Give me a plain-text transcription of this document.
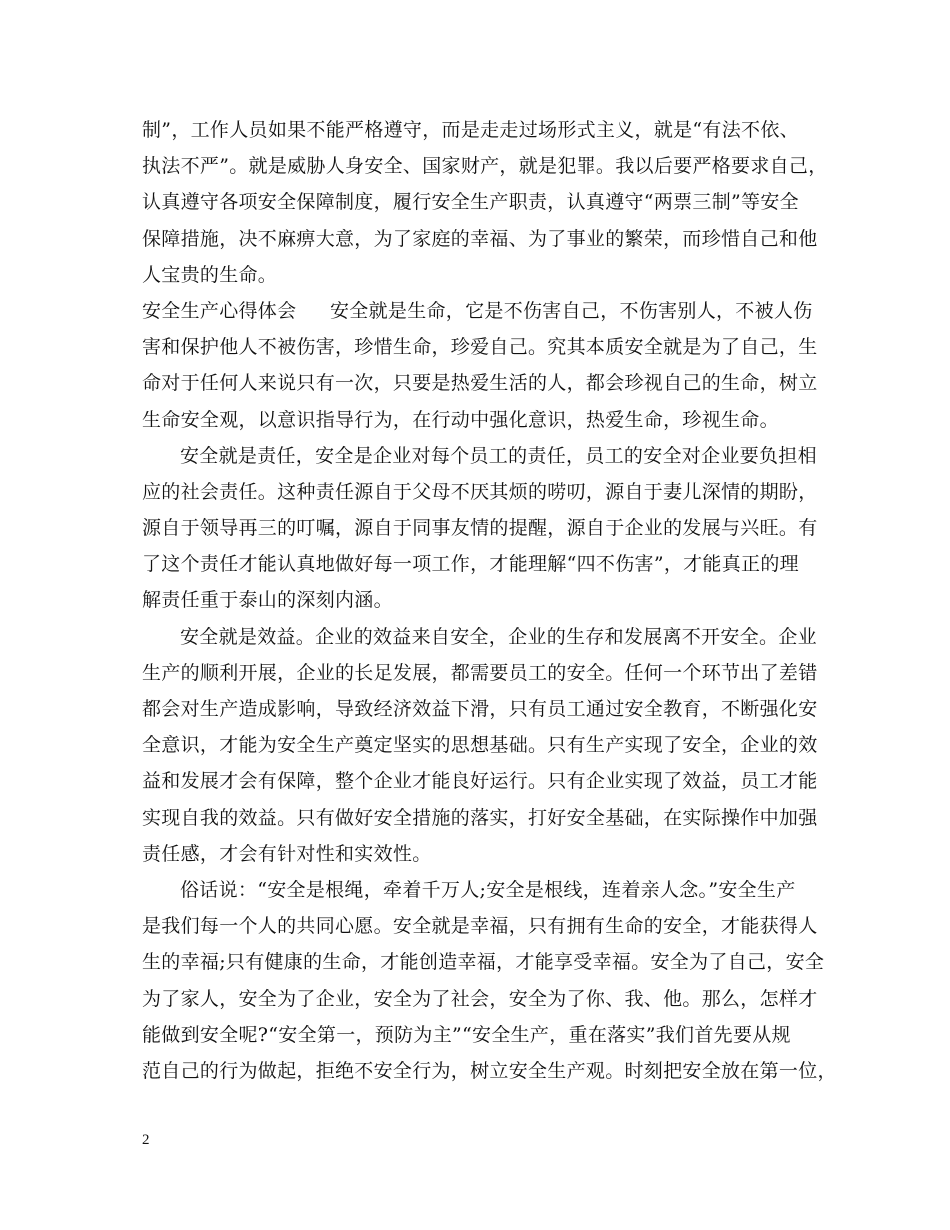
制”，工作人员如果不能严格遵守，而是走走过场形式主义，就是“有法不依、
执法不严”。就是威胁人身安全、国家财产，就是犯罪。我以后要严格要求自己，
认真遵守各项安全保障制度，履行安全生产职责，认真遵守“两票三制”等安全
保障措施，决不麻痹大意，为了家庭的幸福、为了事业的繁荣，而珍惜自己和他
人宝贵的生命。
安全生产心得体会 安全就是生命，它是不伤害自己，不伤害别人，不被人伤
害和保护他人不被伤害，珍惜生命，珍爱自己。究其本质安全就是为了自己，生
命对于任何人来说只有一次，只要是热爱生活的人，都会珍视自己的生命，树立
生命安全观，以意识指导行为，在行动中强化意识，热爱生命，珍视生命。
安全就是责任，安全是企业对每个员工的责任，员工的安全对企业要负担相
应的社会责任。这种责任源自于父母不厌其烦的唠叨，源自于妻儿深情的期盼，
源自于领导再三的叮嘱，源自于同事友情的提醒，源自于企业的发展与兴旺。有
了这个责任才能认真地做好每一项工作，才能理解“四不伤害”，才能真正的理
解责任重于泰山的深刻内涵。
安全就是效益。企业的效益来自安全，企业的生存和发展离不开安全。企业
生产的顺利开展，企业的长足发展，都需要员工的安全。任何一个环节出了差错
都会对生产造成影响，导致经济效益下滑，只有员工通过安全教育，不断强化安
全意识，才能为安全生产奠定坚实的思想基础。只有生产实现了安全，企业的效
益和发展才会有保障，整个企业才能良好运行。只有企业实现了效益，员工才能
实现自我的效益。只有做好安全措施的落实，打好安全基础，在实际操作中加强
责任感，才会有针对性和实效性。
俗话说：“安全是根绳，牵着千万人;安全是根线，连着亲人念。”安全生产
是我们每一个人的共同心愿。安全就是幸福，只有拥有生命的安全，才能获得人
生的幸福;只有健康的生命，才能创造幸福，才能享受幸福。安全为了自己，安全
为了家人，安全为了企业，安全为了社会，安全为了你、我、他。那么，怎样才
能做到安全呢?“安全第一，预防为主”“安全生产，重在落实”我们首先要从规
范自己的行为做起，拒绝不安全行为，树立安全生产观。时刻把安全放在第一位，
2
